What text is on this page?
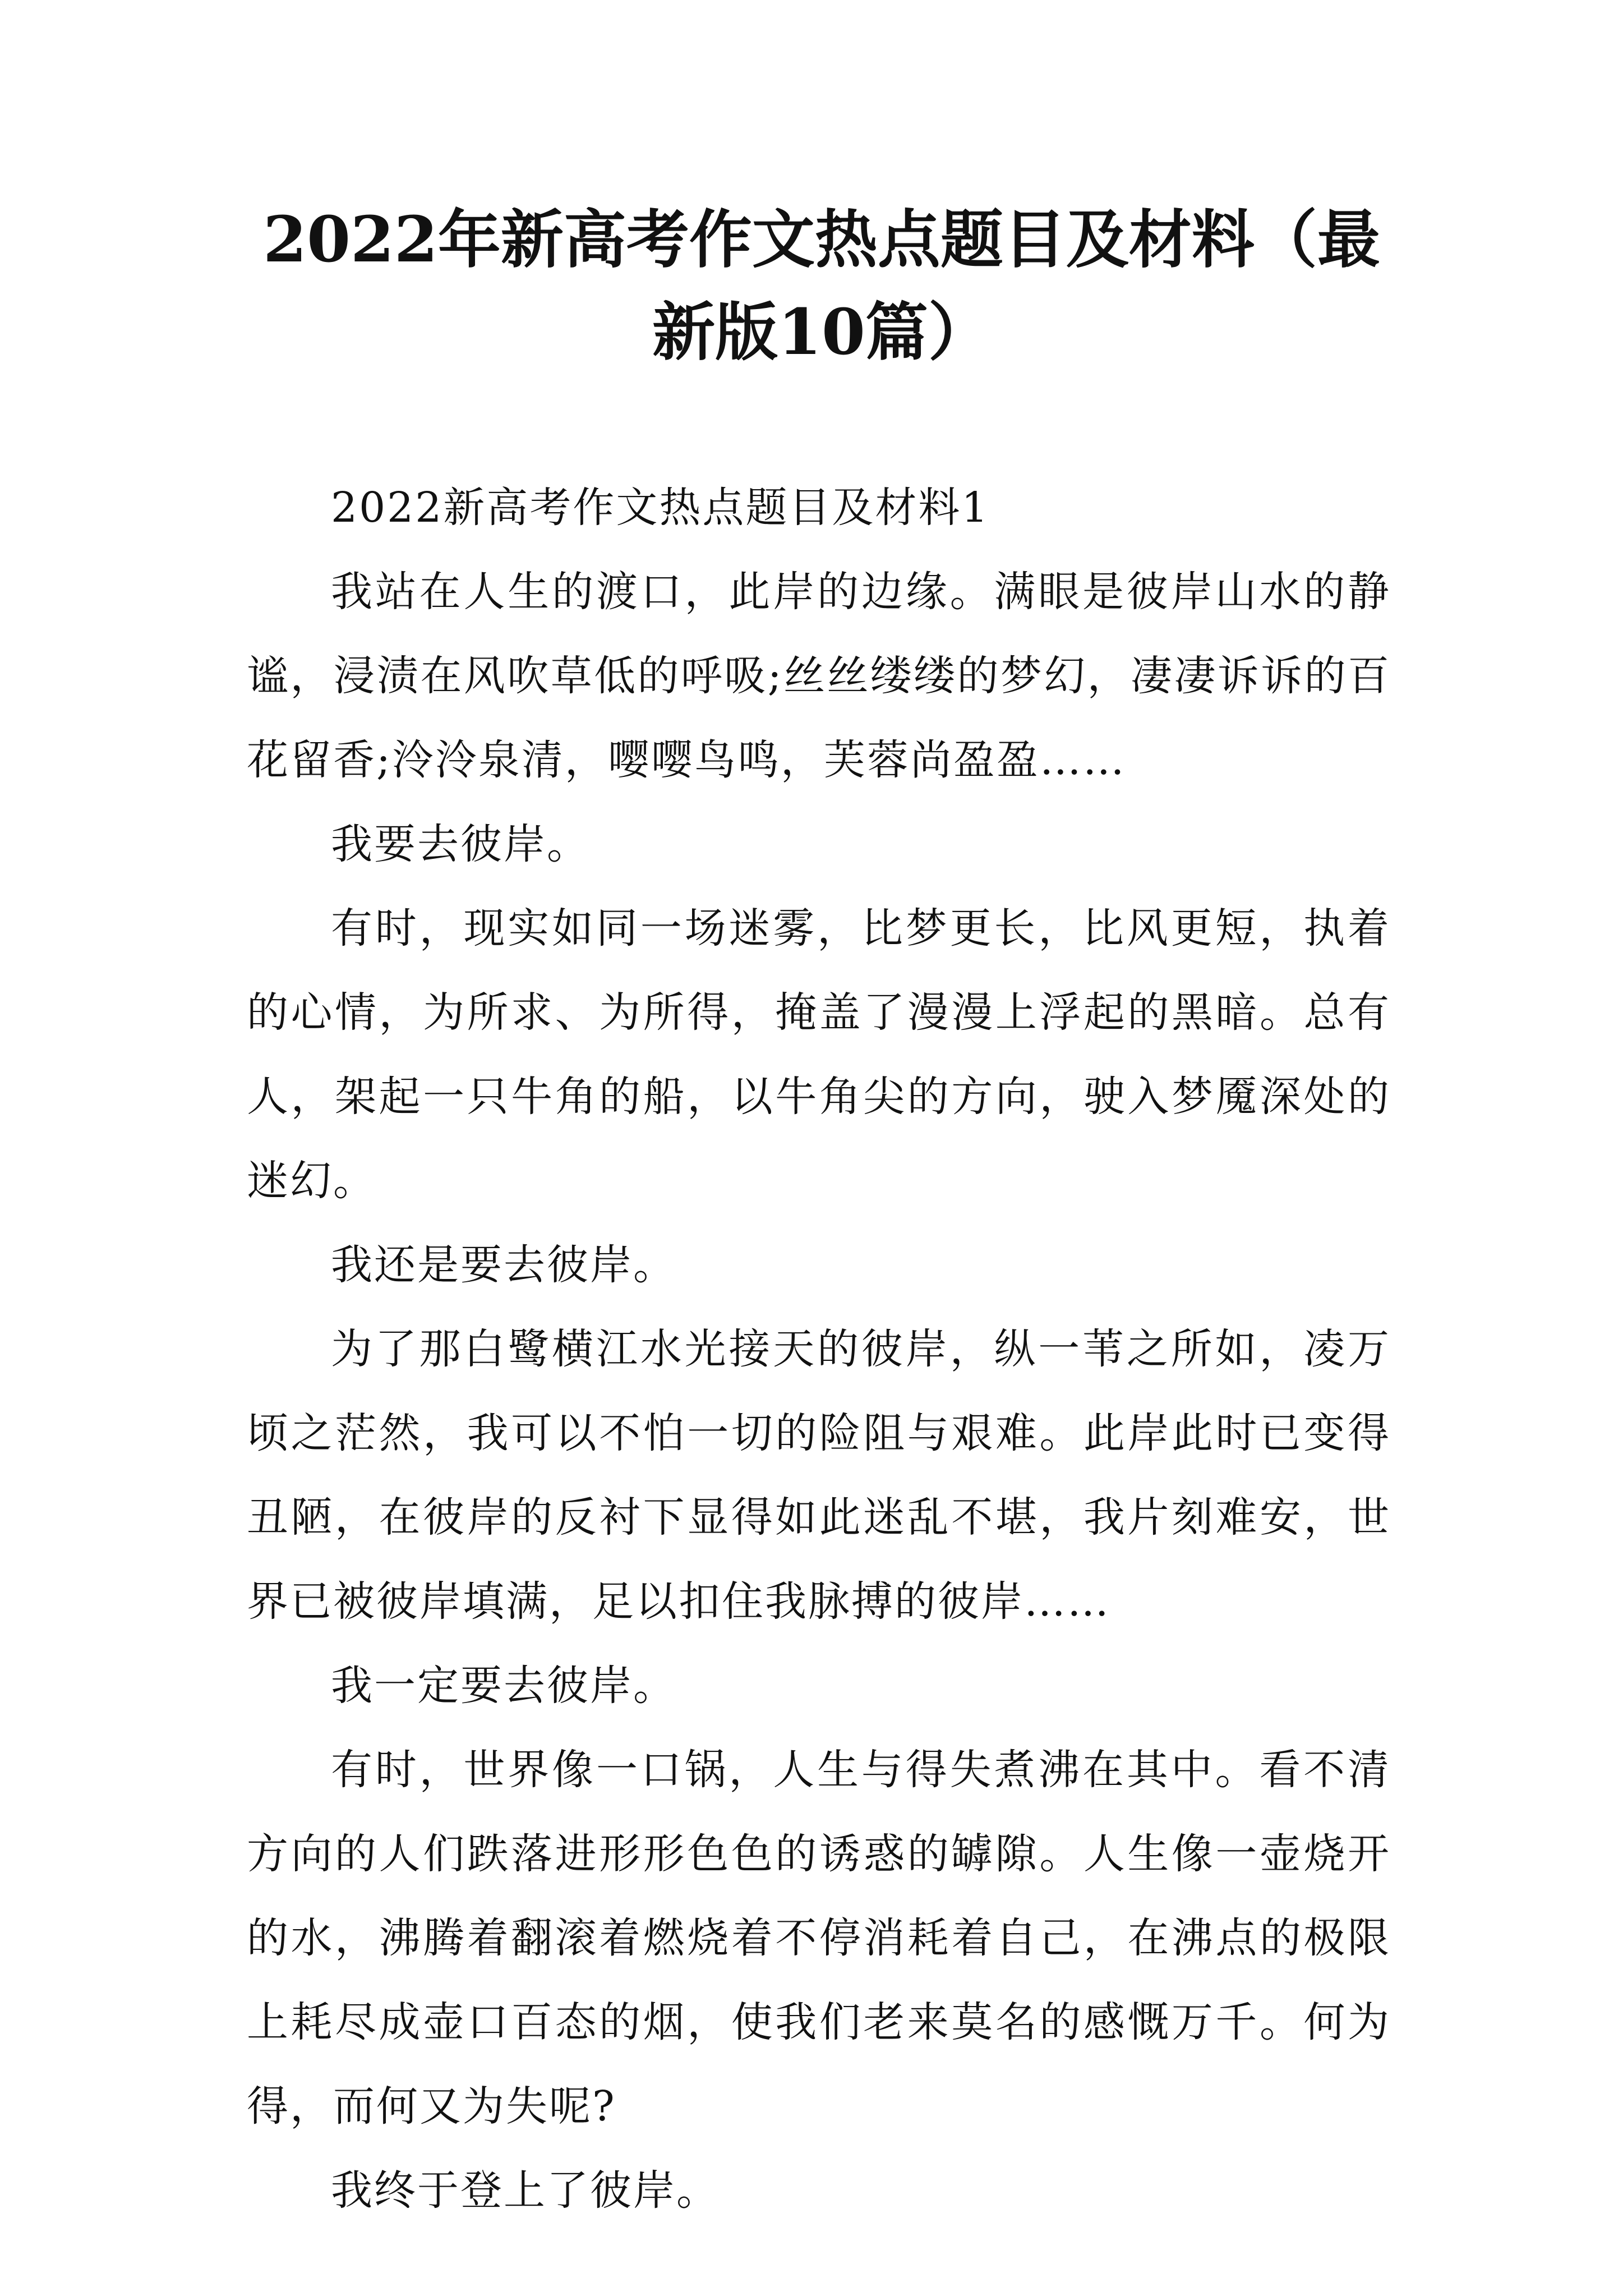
2022年新高考作文热点题目及材料（最新版10篇）

2022新高考作文热点题目及材料1

我站在人生的渡口，此岸的边缘。满眼是彼岸山水的静谧，浸渍在风吹草低的呼吸;丝丝缕缕的梦幻，凄凄诉诉的百花留香;泠泠泉清，嘤嘤鸟鸣，芙蓉尚盈盈……

我要去彼岸。

有时，现实如同一场迷雾，比梦更长，比风更短，执着的心情，为所求、为所得，掩盖了漫漫上浮起的黑暗。总有人，架起一只牛角的船，以牛角尖的方向，驶入梦魇深处的迷幻。

我还是要去彼岸。

为了那白鹭横江水光接天的彼岸，纵一苇之所如，凌万顷之茫然，我可以不怕一切的险阻与艰难。此岸此时已变得丑陋，在彼岸的反衬下显得如此迷乱不堪，我片刻难安，世界已被彼岸填满，足以扣住我脉搏的彼岸……

我一定要去彼岸。

有时，世界像一口锅，人生与得失煮沸在其中。看不清方向的人们跌落进形形色色的诱惑的罅隙。人生像一壶烧开的水，沸腾着翻滚着燃烧着不停消耗着自己，在沸点的极限上耗尽成壶口百态的烟，使我们老来莫名的感慨万千。何为得，而何又为失呢?

我终于登上了彼岸。
